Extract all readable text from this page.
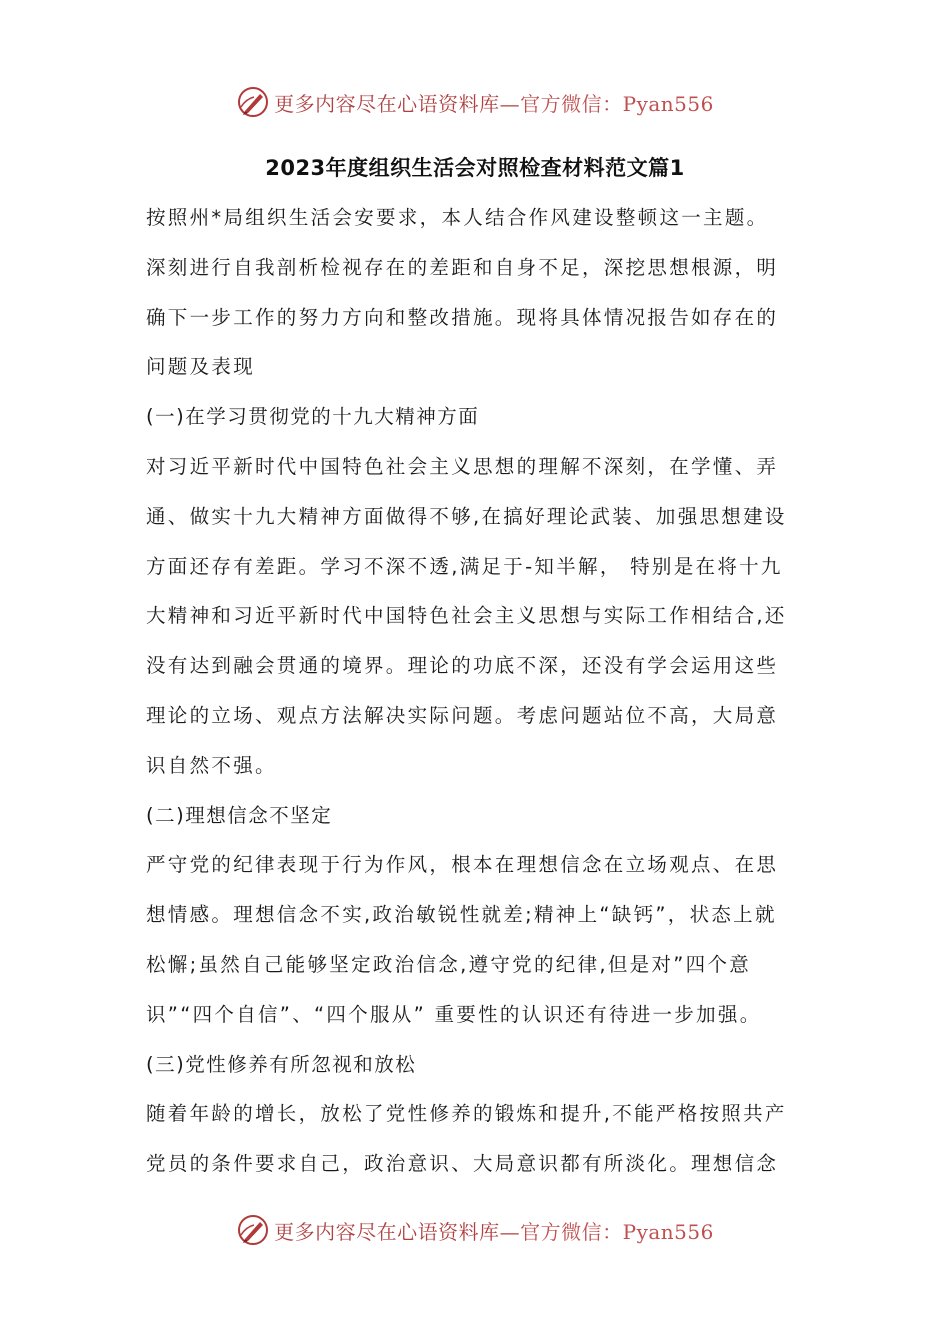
更多内容尽在心语资料库—官方微信：Pyan556
2023年度组织生活会对照检查材料范文篇1
按照州*局组织生活会安要求，本人结合作风建设整顿这一主题。
深刻进行自我剖析检视存在的差距和自身不足，深挖思想根源，明
确下一步工作的努力方向和整改措施。现将具体情况报告如存在的
问题及表现
(一)在学习贯彻党的十九大精神方面
对习近平新时代中国特色社会主义思想的理解不深刻，在学懂、弄
通、做实十九大精神方面做得不够,在搞好理论武装、加强思想建设
方面还存有差距。学习不深不透,满足于-知半解， 特别是在将十九
大精神和习近平新时代中国特色社会主义思想与实际工作相结合,还
没有达到融会贯通的境界。理论的功底不深，还没有学会运用这些
理论的立场、观点方法解决实际问题。考虑问题站位不高，大局意
识自然不强。
(二)理想信念不坚定
严守党的纪律表现于行为作风，根本在理想信念在立场观点、在思
想情感。理想信念不实,政治敏锐性就差;精神上“缺钙”，状态上就
松懈;虽然自己能够坚定政治信念,遵守党的纪律,但是对”四个意
识”“四个自信”、“四个服从” 重要性的认识还有待进一步加强。
(三)党性修养有所忽视和放松
随着年龄的增长，放松了党性修养的锻炼和提升,不能严格按照共产
党员的条件要求自己，政治意识、大局意识都有所淡化。理想信念
更多内容尽在心语资料库—官方微信：Pyan556
